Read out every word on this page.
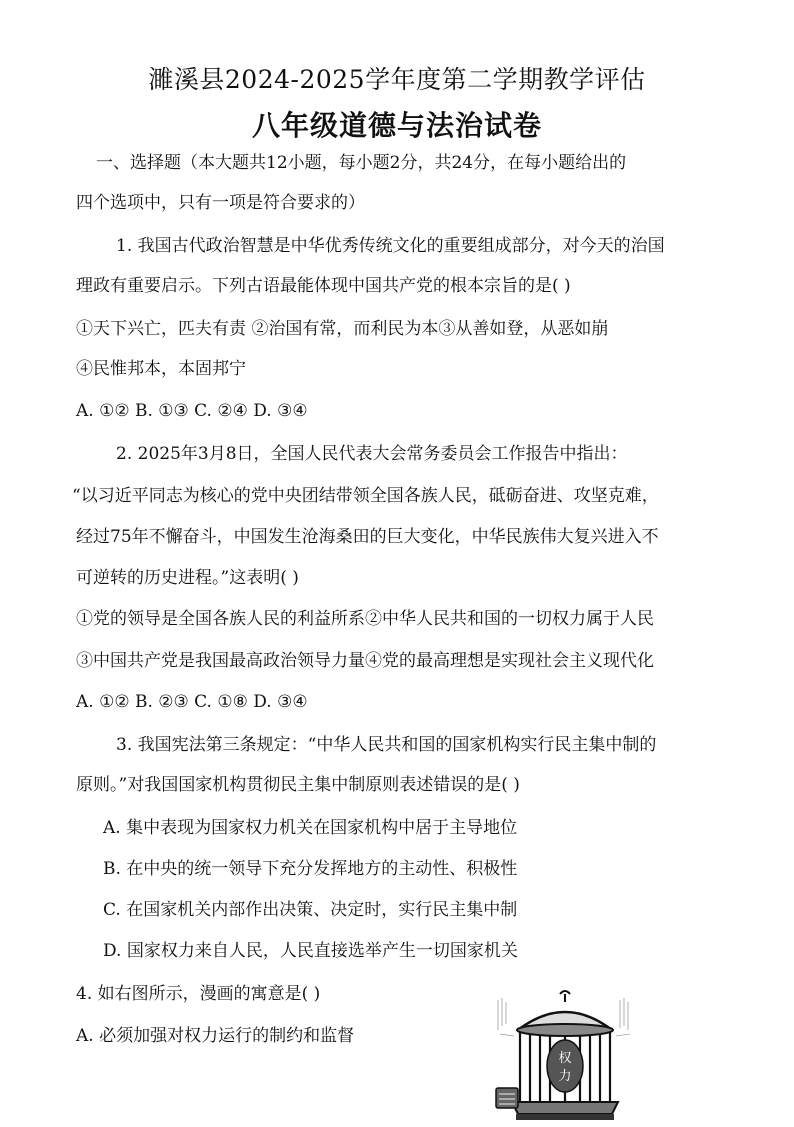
濉溪县2024-2025学年度第二学期教学评估
八年级道德与法治试卷
一、选择题（本大题共12小题，每小题2分，共24分，在每小题给出的
四个选项中，只有一项是符合要求的）
1. 我国古代政治智慧是中华优秀传统文化的重要组成部分，对今天的治国
理政有重要启示。下列古语最能体现中国共产党的根本宗旨的是( )
①天下兴亡，匹夫有责 ②治国有常，而利民为本③从善如登，从恶如崩
④民惟邦本，本固邦宁
A. ①② B. ①③ C. ②④ D. ③④
2. 2025年3月8日，全国人民代表大会常务委员会工作报告中指出：
“以习近平同志为核心的党中央团结带领全国各族人民，砥砺奋进、攻坚克难，
经过75年不懈奋斗，中国发生沧海桑田的巨大变化，中华民族伟大复兴进入不
可逆转的历史进程。”这表明( )
①党的领导是全国各族人民的利益所系②中华人民共和国的一切权力属于人民
③中国共产党是我国最高政治领导力量④党的最高理想是实现社会主义现代化
A. ①② B. ②③ C. ①⑧ D. ③④
3. 我国宪法第三条规定：“中华人民共和国的国家机构实行民主集中制的
原则。”对我国国家机构贯彻民主集中制原则表述错误的是( )
A. 集中表现为国家权力机关在国家机构中居于主导地位
B. 在中央的统一领导下充分发挥地方的主动性、积极性
C. 在国家机关内部作出决策、决定时，实行民主集中制
D. 国家权力来自人民，人民直接选举产生一切国家机关
4. 如右图所示，漫画的寓意是( )
A. 必须加强对权力运行的制约和监督
权
力
